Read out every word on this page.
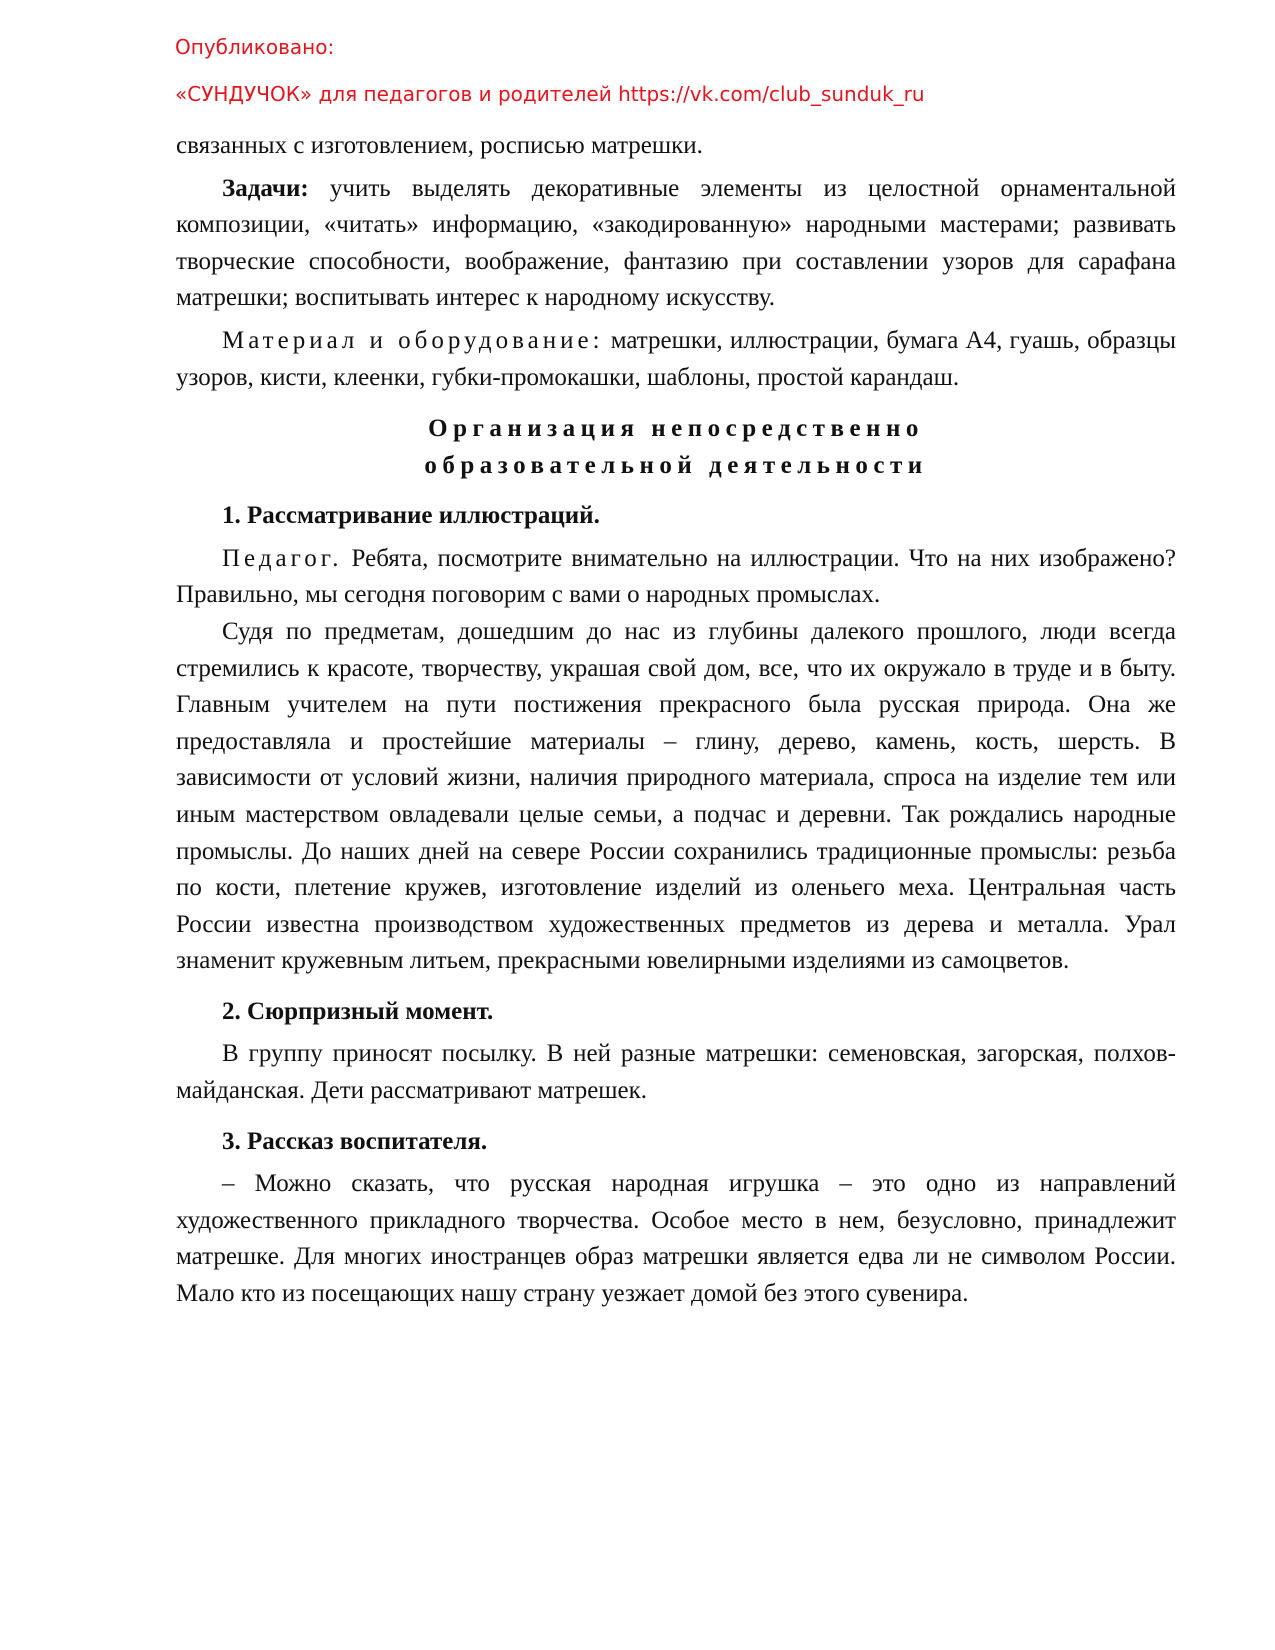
Опубликовано:
«СУНДУЧОК» для педагогов и родителей https://vk.com/club_sunduk_ru

связанных с изготовлением, росписью матрешки.

Задачи: учить выделять декоративные элементы из целостной орнаментальной композиции, «читать» информацию, «закодированную» народными мастерами; развивать творческие способности, воображение, фантазию при составлении узоров для сарафана матрешки; воспитывать интерес к народному искусству.

Материал и оборудование: матрешки, иллюстрации, бумага А4, гуашь, образцы узоров, кисти, клеенки, губки-промокашки, шаблоны, простой карандаш.

Организация непосредственно

образовательной деятельности

1. Рассматривание иллюстраций.

Педагог. Ребята, посмотрите внимательно на иллюстрации. Что на них изображено? Правильно, мы сегодня поговорим с вами о народных промыслах.

Судя по предметам, дошедшим до нас из глубины далекого прошлого, люди всегда стремились к красоте, творчеству, украшая свой дом, все, что их окружало в труде и в быту. Главным учителем на пути постижения прекрасного была русская природа. Она же предоставляла и простейшие материалы – глину, дерево, камень, кость, шерсть. В зависимости от условий жизни, наличия природного материала, спроса на изделие тем или иным мастерством овладевали целые семьи, а подчас и деревни. Так рождались народные промыслы. До наших дней на севере России сохранились традиционные промыслы: резьба по кости, плетение кружев, изготовление изделий из оленьего меха. Центральная часть России известна производством художественных предметов из дерева и металла. Урал знаменит кружевным литьем, прекрасными ювелирными изделиями из самоцветов.

2. Сюрпризный момент.

В группу приносят посылку. В ней разные матрешки: семеновская, загорская, полхов-майданская. Дети рассматривают матрешек.

3. Рассказ воспитателя.

– Можно сказать, что русская народная игрушка – это одно из направлений художественного прикладного творчества. Особое место в нем, безусловно, принадлежит матрешке. Для многих иностранцев образ матрешки является едва ли не символом России. Мало кто из посещающих нашу страну уезжает домой без этого сувенира.
